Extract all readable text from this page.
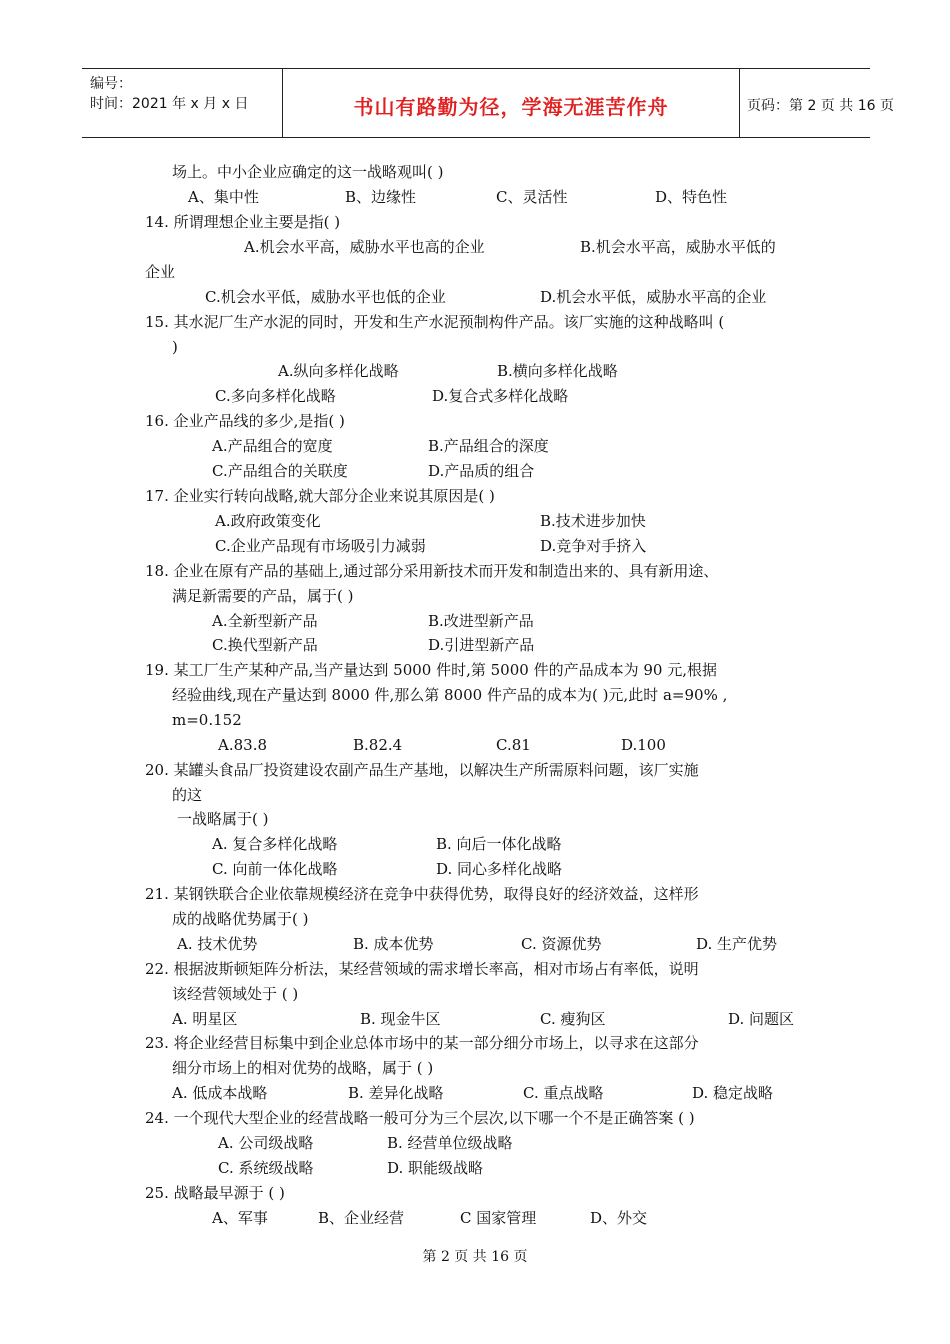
编号：
时间：2021 年 x 月 x 日	书山有路勤为径，学海无涯苦作舟	页码：第 2 页 共 16 页
场上。中小企业应确定的这一战略观叫( )
A、集中性	B、边缘性	C、灵活性	D、特色性
14. 所谓理想企业主要是指( )
A.机会水平高，威胁水平也高的企业	B.机会水平高，威胁水平低的
企业
C.机会水平低，威胁水平也低的企业	D.机会水平低，威胁水平高的企业
15. 其水泥厂生产水泥的同时，开发和生产水泥预制构件产品。该厂实施的这种战略叫 (
)
A.纵向多样化战略	B.横向多样化战略
C.多向多样化战略	D.复合式多样化战略
16. 企业产品线的多少,是指( )
A.产品组合的宽度	B.产品组合的深度
C.产品组合的关联度	D.产品质的组合
17. 企业实行转向战略,就大部分企业来说其原因是( )
A.政府政策变化	B.技术进步加快
C.企业产品现有市场吸引力减弱	D.竞争对手挤入
18. 企业在原有产品的基础上,通过部分采用新技术而开发和制造出来的、具有新用途、
满足新需要的产品，属于( )
A.全新型新产品	B.改进型新产品
C.换代型新产品	D.引进型新产品
19. 某工厂生产某种产品,当产量达到 5000 件时,第 5000 件的产品成本为 90 元,根据
经验曲线,现在产量达到 8000 件,那么第 8000 件产品的成本为( )元,此时 a=90% ,
m=0.152
A.83.8	B.82.4	C.81	D.100
20. 某罐头食品厂投资建设农副产品生产基地，以解决生产所需原料问题，该厂实施
的这
一战略属于( )
A. 复合多样化战略	B. 向后一体化战略
C. 向前一体化战略	D. 同心多样化战略
21. 某钢铁联合企业依靠规模经济在竞争中获得优势，取得良好的经济效益，这样形
成的战略优势属于( )
A. 技术优势	B. 成本优势	C. 资源优势	D. 生产优势
22. 根据波斯顿矩阵分析法，某经营领域的需求增长率高，相对市场占有率低，说明
该经营领域处于 ( )
A. 明星区	B. 现金牛区	C. 瘦狗区	D. 问题区
23. 将企业经营目标集中到企业总体市场中的某一部分细分市场上，以寻求在这部分
细分市场上的相对优势的战略，属于 ( )
A. 低成本战略	B. 差异化战略	C. 重点战略	D. 稳定战略
24. 一个现代大型企业的经营战略一般可分为三个层次,以下哪一个不是正确答案 ( )
A. 公司级战略	B. 经营单位级战略
C. 系统级战略	D. 职能级战略
25. 战略最早源于 ( )
A、军事	B、企业经营	C 国家管理	D、外交
第 2 页 共 16 页
